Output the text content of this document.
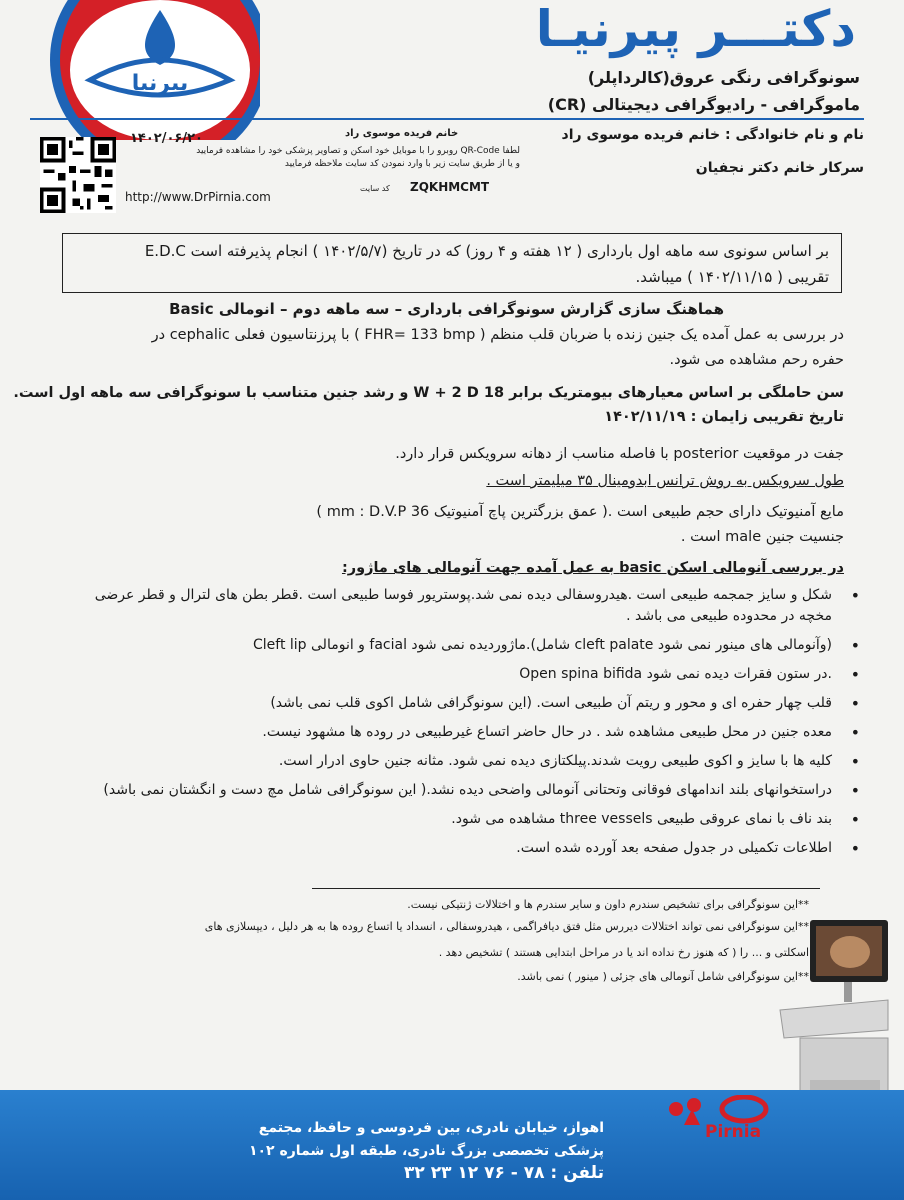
پیرنیا
دکتـــر پیرنیـا
سونوگرافی رنگی عروق(کالرداپلر)
ماموگرافی - رادیوگرافی دیجیتالی (CR)
نام و نام خانوادگی : خانم فریده موسوی راد
سرکار خانم دکتر نجفیان
۱۴۰۲/۰۶/۲۰	خانم فریده موسوی راد
لطفا QR-Code روبرو را با موبایل خود اسکن و تصاویر پزشکی خود را مشاهده فرمایید
و یا از طریق سایت زیر با وارد نمودن کد سایت ملاحظه فرمایید
ZQKHMCMT
کد سایت
http://www.DrPirnia.com
بر اساس سونوی سه ماهه اول بارداری ( ۱۲ هفته و ۴ روز) که در تاریخ (۱۴۰۲/۵/۷ ) انجام پذیرفته است E.D.C
تقریبی ( ۱۴۰۲/۱۱/۱۵ ) میباشد.
هماهنگ سازی گزارش سونوگرافی بارداری – سه ماهه دوم – انومالی Basic
در بررسی به عمل آمده یک جنین زنده با ضربان قلب منظم ( FHR= 133 bmp ) با پرزنتاسیون فعلی cephalic در
حفره رحم مشاهده می شود.
سن حاملگی بر اساس معیارهای بیومتریک برابر 18 W + 2 D و رشد جنین متناسب با سونوگرافی سه ماهه اول است.
تاریخ تقریبی زایمان : ۱۴۰۲/۱۱/۱۹
جفت در موقعیت posterior با فاصله مناسب از دهانه سرویکس قرار دارد.
طول سرویکس به روش ترانس ابدومینال ۳۵ میلیمتر است .
مایع آمنیوتیک دارای حجم طبیعی است .( عمق بزرگترین پاچ آمنیوتیک 36 mm : D.V.P )
جنسیت جنین male است .
در بررسی آنومالی اسکن basic به عمل آمده جهت آنومالی های ماژور:
• شکل و سایز جمجمه طبیعی است .هیدروسفالی دیده نمی شد.پوستریور فوسا طبیعی است .قطر بطن های لترال و قطر عرضی مخچه در محدوده طبیعی می باشد .
• Cleft lip و انومالی facial ماژوردیده نمی شود.(شامل cleft palate وآنومالی های مینور نمی شود)
• Open spina bifida در ستون فقرات دیده نمی شود.
• قلب چهار حفره ای و محور و ریتم آن طبیعی است. (این سونوگرافی شامل اکوی قلب نمی باشد)
• معده جنین در محل طبیعی مشاهده شد . در حال حاضر اتساع غیرطبیعی در روده ها مشهود نیست.
• کلیه ها با سایز و اکوی طبیعی رویت شدند.پیلکتازی دیده نمی شود. مثانه جنین حاوی ادرار است.
• دراستخوانهای بلند اندامهای فوقانی وتحتانی آنومالی واضحی دیده نشد.( این سونوگرافی شامل مچ دست و انگشتان نمی باشد)
• بند ناف با نمای عروقی طبیعی three vessels مشاهده می شود.
• اطلاعات تکمیلی در جدول صفحه بعد آورده شده است.
**این سونوگرافی برای تشخیص سندرم داون و سایر سندرم ها و اختلالات ژنتیکی نیست.
**این سونوگرافی نمی تواند اختلالات دیررس مثل فتق دیافراگمی ، هیدروسفالی ، انسداد یا اتساع روده ها به هر دلیل ، دیپسلازی های
اسکلتی و ... را ( که هنوز رخ نداده اند یا در مراحل ابتدایی هستند ) تشخیص دهد .
**این سونوگرافی شامل آنومالی های جزئی ( مینور ) نمی باشد.
اهواز، خیابان نادری، بین فردوسی و حافظ، مجتمع
پزشکی تخصصی بزرگ نادری، طبقه اول شماره ۱۰۲
تلفن : ۷۸ - ۷۶ ۱۲ ۲۳ ۳۲
Pirnia
